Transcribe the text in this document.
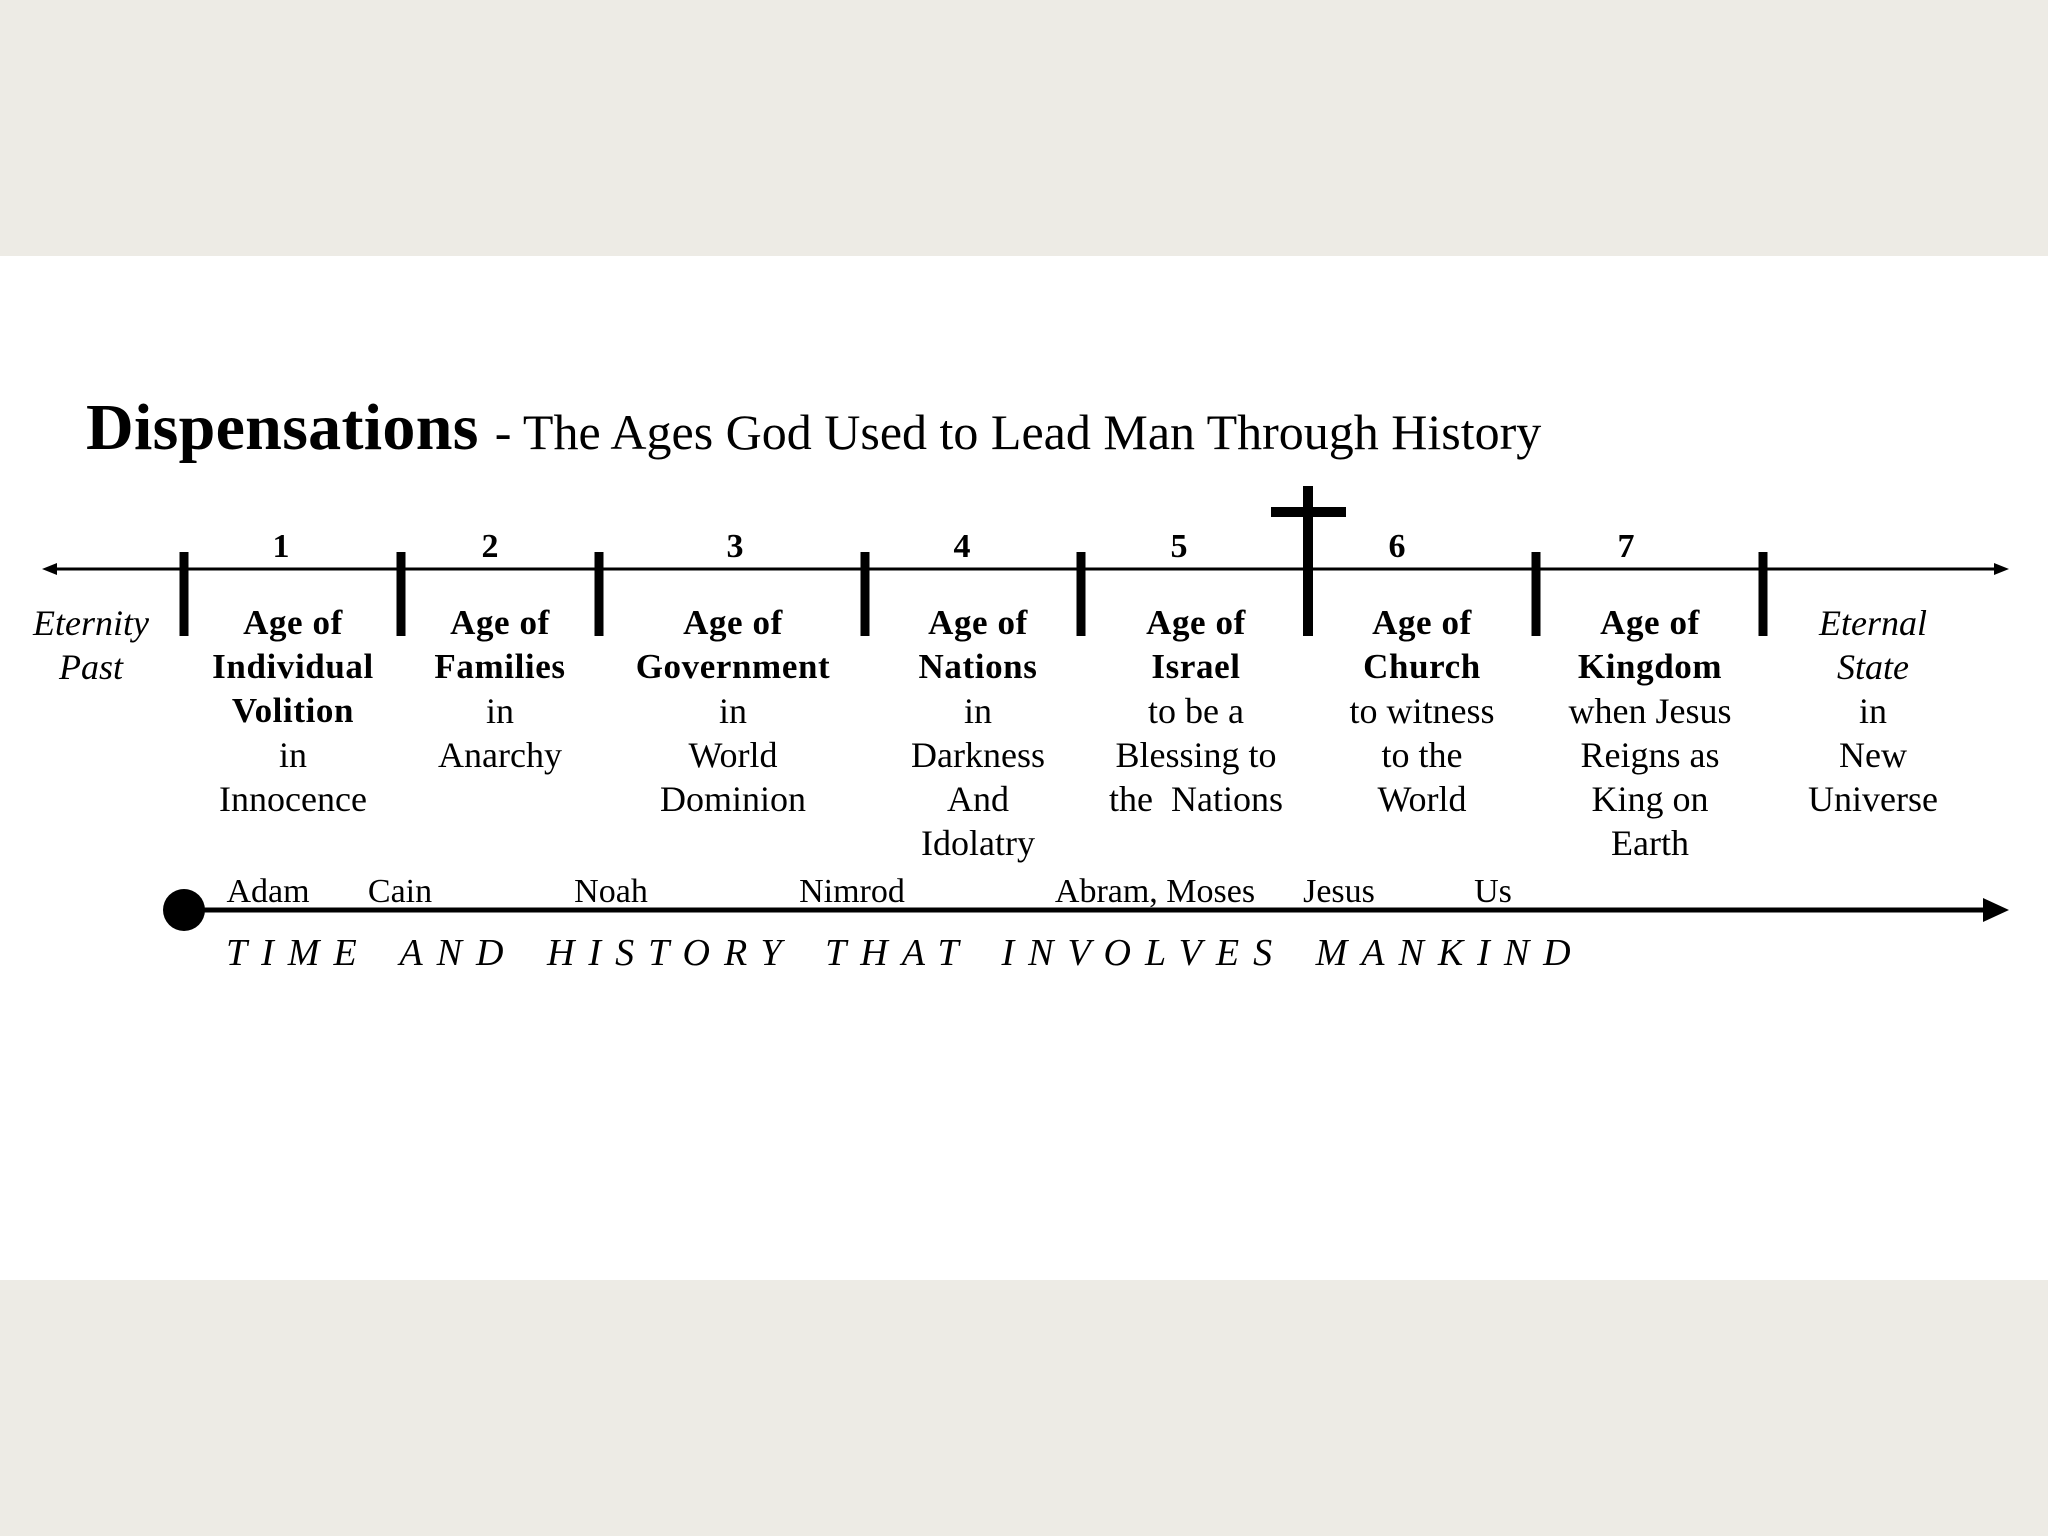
Dispensations - The Ages God Used to Lead Man Through History
1	2	3	4	5	6	7
Eternity
Past
Age of
Individual
Volition
in
Innocence
Age of
Families
in
Anarchy
Age of
Government
in
World
Dominion
Age of
Nations
in
Darkness
And
Idolatry
Age of
Israel
to be a
Blessing to
the  Nations
Age of
Church
to witness
to the
World
Age of
Kingdom
when Jesus
Reigns as
King on
Earth
Eternal
State
in
New
Universe
Adam Cain	Noah	Nimrod	Abram, Moses Jesus	Us
TIME AND HISTORY THAT INVOLVES MANKIND
